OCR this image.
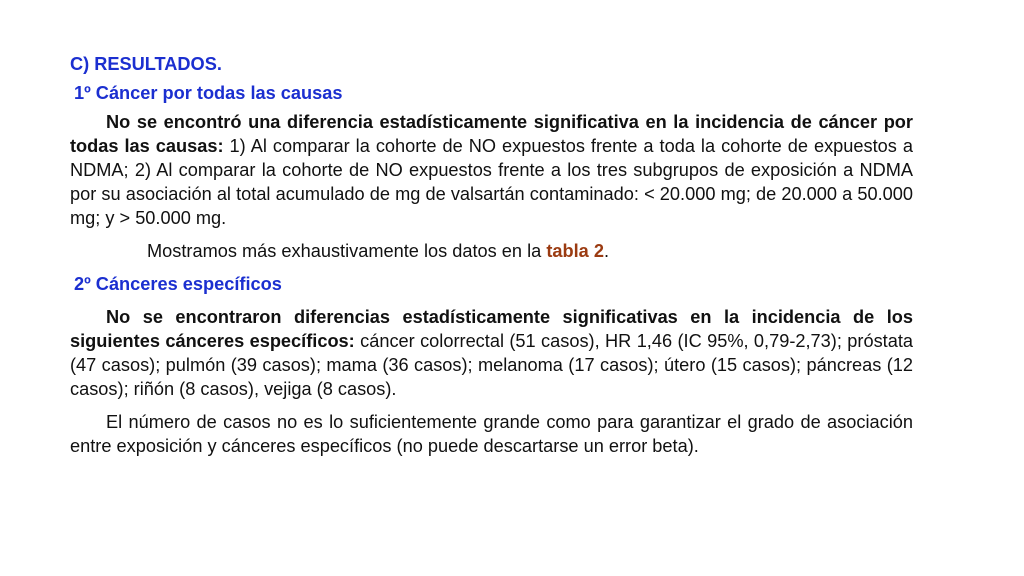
C) RESULTADOS.

1º Cáncer por todas las causas

No se encontró una diferencia estadísticamente significativa en la incidencia de cáncer por todas las causas: 1) Al comparar la cohorte de NO expuestos frente a toda la cohorte de expuestos a NDMA; 2) Al comparar la cohorte de NO expuestos frente a los tres subgrupos de exposición a NDMA por su asociación al total acumulado de mg de valsartán contaminado: < 20.000 mg; de 20.000 a 50.000 mg; y > 50.000 mg.

Mostramos más exhaustivamente los datos en la tabla 2.

2º Cánceres específicos

No se encontraron diferencias estadísticamente significativas en la incidencia de los siguientes cánceres específicos: cáncer colorrectal (51 casos), HR 1,46 (IC 95%, 0,79-2,73); próstata (47 casos); pulmón (39 casos); mama (36 casos); melanoma (17 casos); útero (15 casos); páncreas (12 casos); riñón (8 casos), vejiga (8 casos).

El número de casos no es lo suficientemente grande como para garantizar el grado de asociación entre exposición y cánceres específicos (no puede descartarse un error beta).
